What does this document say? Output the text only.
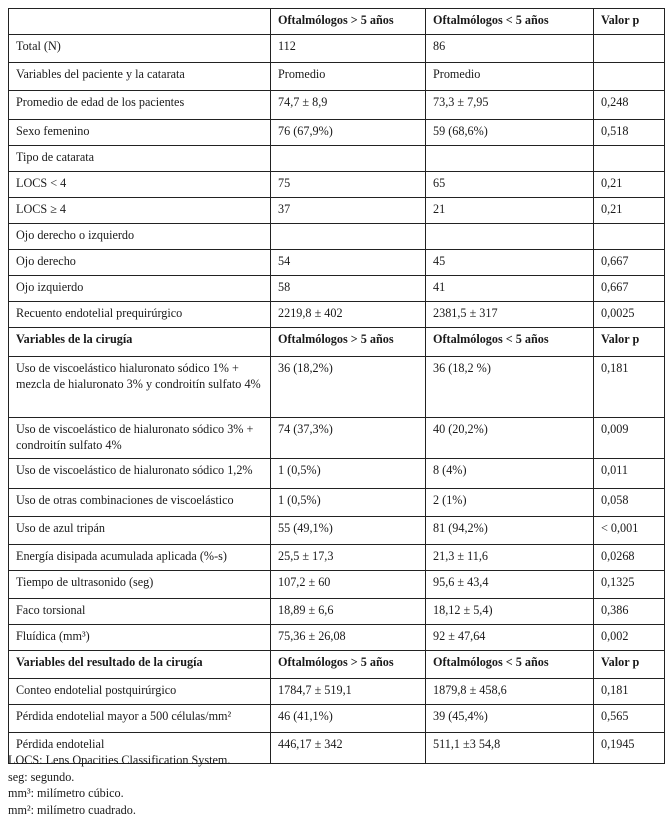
	Oftalmólogos > 5 años	Oftalmólogos < 5 años	Valor p
Total (N)	112	86	
Variables del paciente y la catarata	Promedio	Promedio	
Promedio de edad de los pacientes	74,7 ± 8,9	73,3 ± 7,95	0,248
Sexo femenino	76 (67,9%)	59 (68,6%)	0,518
Tipo de catarata			
LOCS < 4	75	65	0,21
LOCS ≥ 4	37	21	0,21
Ojo derecho o izquierdo			
Ojo derecho	54	45	0,667
Ojo izquierdo	58	41	0,667
Recuento endotelial prequirúrgico	2219,8 ± 402	2381,5 ± 317	0,0025
Variables de la cirugía	Oftalmólogos > 5 años	Oftalmólogos < 5 años	Valor p
Uso de viscoelástico hialuronato sódico 1% + mezcla de hialuronato 3% y condroitín sulfato 4%	36 (18,2%)	36 (18,2 %)	0,181
Uso de viscoelástico de hialuronato sódico 3% + condroitín sulfato 4%	74 (37,3%)	40 (20,2%)	0,009
Uso de viscoelástico de hialuronato sódico 1,2%	1 (0,5%)	8 (4%)	0,011
Uso de otras combinaciones de viscoelástico	1 (0,5%)	2 (1%)	0,058
Uso de azul tripán	55 (49,1%)	81 (94,2%)	< 0,001
Energía disipada acumulada aplicada (%-s)	25,5 ± 17,3	21,3 ± 11,6	0,0268
Tiempo de ultrasonido (seg)	107,2 ± 60	95,6 ± 43,4	0,1325
Faco torsional	18,89 ± 6,6	18,12 ± 5,4)	0,386
Fluídica (mm³)	75,36 ± 26,08	92 ± 47,64	0,002
Variables del resultado de la cirugía	Oftalmólogos > 5 años	Oftalmólogos < 5 años	Valor p
Conteo endotelial postquirúrgico	1784,7 ± 519,1	1879,8 ± 458,6	0,181
Pérdida endotelial mayor a 500 células/mm²	46 (41,1%)	39 (45,4%)	0,565
Pérdida endotelial	446,17 ± 342	511,1 ±3 54,8	0,1945
LOCS: Lens Opacities Classification System.
seg: segundo.
mm³: milímetro cúbico.
mm²: milímetro cuadrado.
